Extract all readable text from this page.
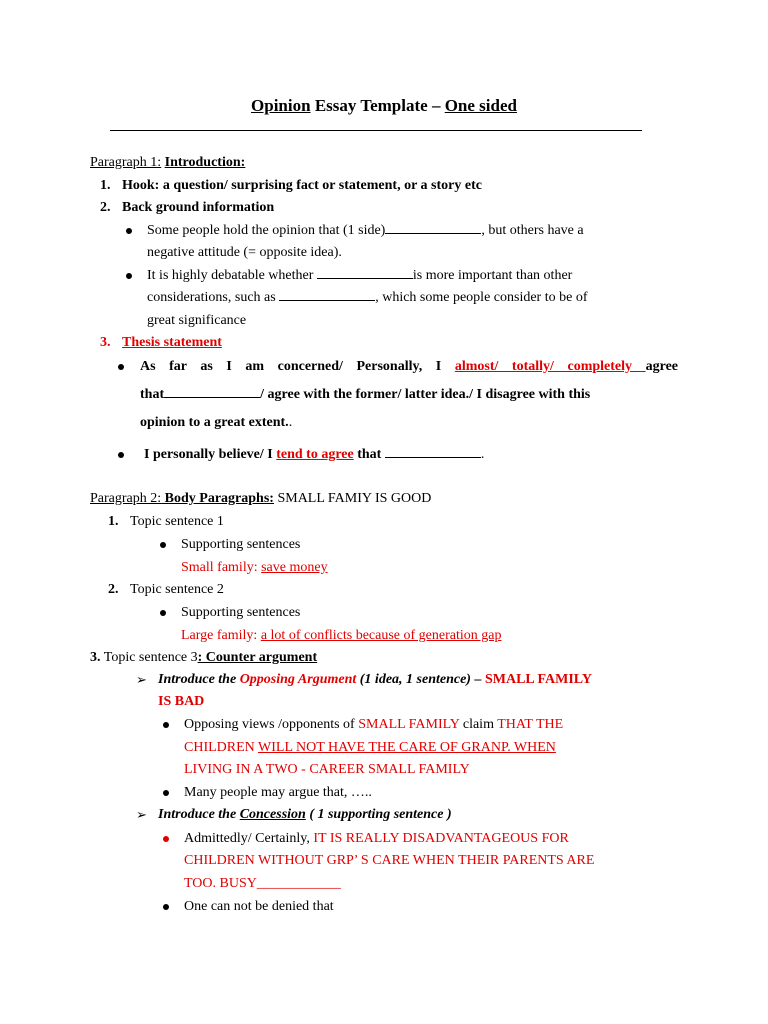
Opinion Essay Template – One sided
Paragraph 1: Introduction:
1. Hook: a question/ surprising fact or statement, or a story etc
2. Back ground information
Some people hold the opinion that (1 side)	, but others have a
negative attitude (= opposite idea).
It is highly debatable whether	is more important than other
considerations, such as	, which some people consider to be of
great significance
3. Thesis statement
As far as I am concerned/ Personally, I almost/ totally/ completely agree
that	/ agree with the former/ latter idea./ I disagree with this
opinion to a great extent..
I personally believe/ I tend to agree that	.
Paragraph 2: Body Paragraphs: SMALL FAMIY IS GOOD
1. Topic sentence 1
Supporting sentences
Small family: save money
2. Topic sentence 2
Supporting sentences
Large family: a lot of conflicts because of generation gap
3. Topic sentence 3: Counter argument
➢ Introduce the Opposing Argument (1 idea, 1 sentence) – SMALL FAMILY
IS BAD
Opposing views /opponents of SMALL FAMILY claim THAT THE
CHILDREN WILL NOT HAVE THE CARE OF GRANP. WHEN
LIVING IN A TWO - CAREER SMALL FAMILY
Many people may argue that, …..
➢ Introduce the Concession ( 1 supporting sentence )
Admittedly/ Certainly, IT IS REALLY DISADVANTAGEOUS FOR
CHILDREN WITHOUT GRP’ S CARE WHEN THEIR PARENTS ARE
TOO. BUSY____________
One can not be denied that
